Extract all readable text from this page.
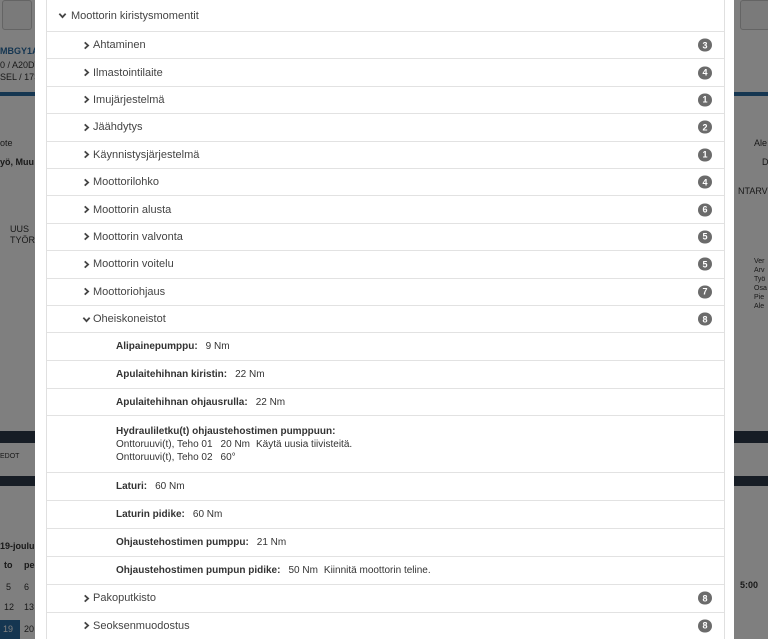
Moottorin kiristysmomentit
Ahtaminen	3
Ilmastointilaite	4
Imujärjestelmä	1
Jäähdytys	2
Käynnistysjärjestelmä	1
Moottorilohko	4
Moottorin alusta	6
Moottorin valvonta	5
Moottorin voitelu	5
Moottoriohjaus	7
Oheiskoneistot	8
Alipainepumppu: 9 Nm
Apulaitehihnan kiristin: 22 Nm
Apulaitehihnan ohjausrulla: 22 Nm
Hydrauliletku(t) ohjaustehostimen pumppuun:
Onttoruuvi(t), Teho 01 20 Nm Käytä uusia tiivisteitä.
Onttoruuvi(t), Teho 02 60°
Laturi: 60 Nm
Laturin pidike: 60 Nm
Ohjaustehostimen pumppu: 21 Nm
Ohjaustehostimen pumpun pidike: 50 Nm Kiinnitä moottorin teline.
Pakoputkisto	8
Seoksenmuodostus	8
